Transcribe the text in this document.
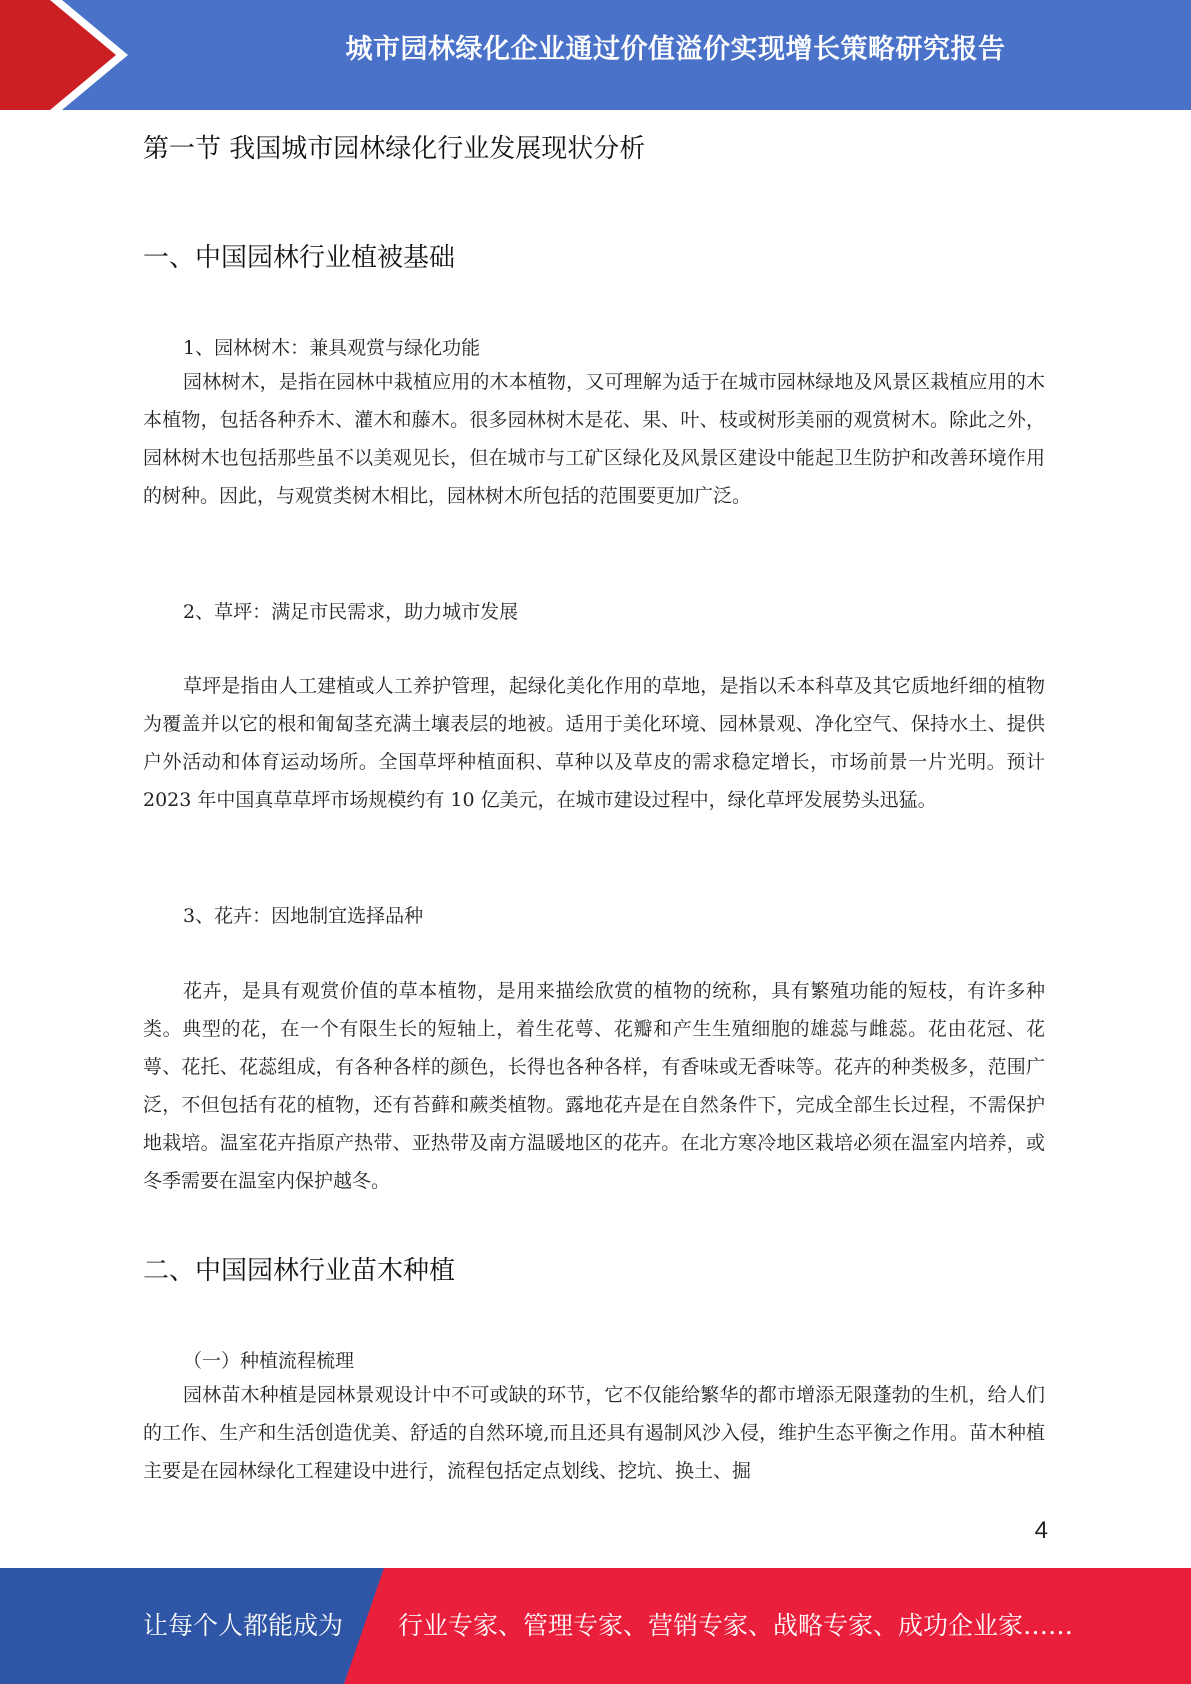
城市园林绿化企业通过价值溢价实现增长策略研究报告
第一节 我国城市园林绿化行业发展现状分析
一、中国园林行业植被基础
1、园林树木：兼具观赏与绿化功能

园林树木，是指在园林中栽植应用的木本植物，又可理解为适于在城市园林绿地及风景区栽植应用的木本植物，包括各种乔木、灌木和藤木。很多园林树木是花、果、叶、枝或树形美丽的观赏树木。除此之外，园林树木也包括那些虽不以美观见长，但在城市与工矿区绿化及风景区建设中能起卫生防护和改善环境作用的树种。因此，与观赏类树木相比，园林树木所包括的范围要更加广泛。

2、草坪：满足市民需求，助力城市发展

草坪是指由人工建植或人工养护管理，起绿化美化作用的草地，是指以禾本科草及其它质地纤细的植物为覆盖并以它的根和匍匐茎充满土壤表层的地被。适用于美化环境、园林景观、净化空气、保持水土、提供户外活动和体育运动场所。全国草坪种植面积、草种以及草皮的需求稳定增长，市场前景一片光明。预计 2023 年中国真草草坪市场规模约有 10 亿美元，在城市建设过程中，绿化草坪发展势头迅猛。

3、花卉：因地制宜选择品种

花卉，是具有观赏价值的草本植物，是用来描绘欣赏的植物的统称，具有繁殖功能的短枝，有许多种类。典型的花，在一个有限生长的短轴上，着生花萼、花瓣和产生生殖细胞的雄蕊与雌蕊。花由花冠、花萼、花托、花蕊组成，有各种各样的颜色，长得也各种各样，有香味或无香味等。花卉的种类极多，范围广泛，不但包括有花的植物，还有苔藓和蕨类植物。露地花卉是在自然条件下，完成全部生长过程，不需保护地栽培。温室花卉指原产热带、亚热带及南方温暖地区的花卉。在北方寒冷地区栽培必须在温室内培养，或冬季需要在温室内保护越冬。

二、中国园林行业苗木种植
（一）种植流程梳理

园林苗木种植是园林景观设计中不可或缺的环节，它不仅能给繁华的都市增添无限蓬勃的生机，给人们的工作、生产和生活创造优美、舒适的自然环境,而且还具有遏制风沙入侵，维护生态平衡之作用。苗木种植主要是在园林绿化工程建设中进行，流程包括定点划线、挖坑、换土、掘

4
让每个人都能成为 行业专家、管理专家、营销专家、战略专家、成功企业家……
